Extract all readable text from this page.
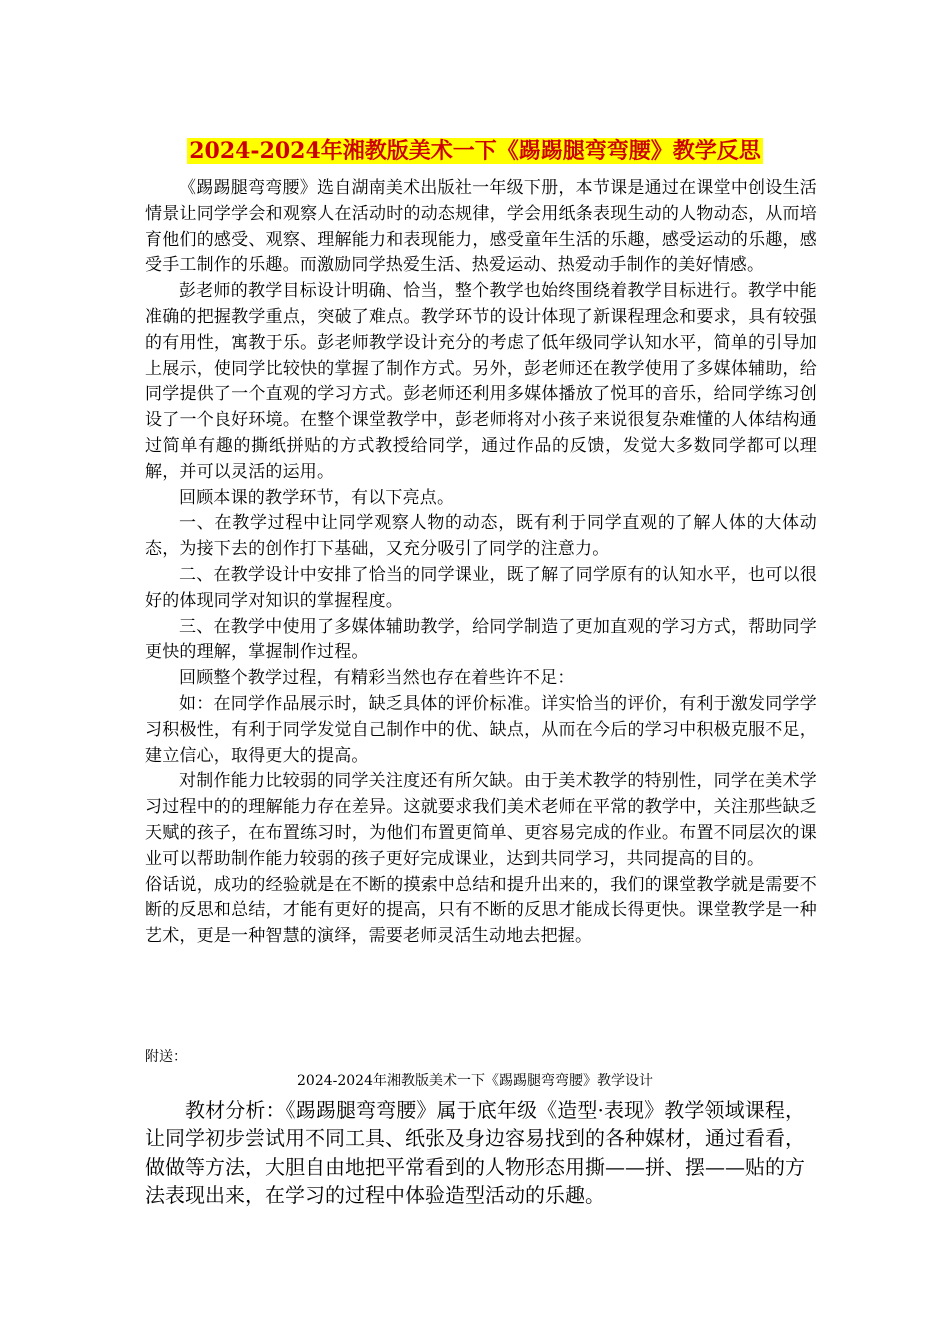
2024-2024年湘教版美术一下《踢踢腿弯弯腰》教学反思

《踢踢腿弯弯腰》选自湖南美术出版社一年级下册，本节课是通过在课堂中创设生活情景让同学学会和观察人在活动时的动态规律，学会用纸条表现生动的人物动态，从而培育他们的感受、观察、理解能力和表现能力，感受童年生活的乐趣，感受运动的乐趣，感受手工制作的乐趣。而激励同学热爱生活、热爱运动、热爱动手制作的美好情感。

彭老师的教学目标设计明确、恰当，整个教学也始终围绕着教学目标进行。教学中能准确的把握教学重点，突破了难点。教学环节的设计体现了新课程理念和要求，具有较强的有用性，寓教于乐。彭老师教学设计充分的考虑了低年级同学认知水平，简单的引导加上展示，使同学比较快的掌握了制作方式。另外，彭老师还在教学使用了多媒体辅助，给同学提供了一个直观的学习方式。彭老师还利用多媒体播放了悦耳的音乐，给同学练习创设了一个良好环境。在整个课堂教学中，彭老师将对小孩子来说很复杂难懂的人体结构通过简单有趣的撕纸拼贴的方式教授给同学，通过作品的反馈，发觉大多数同学都可以理解，并可以灵活的运用。

回顾本课的教学环节，有以下亮点。

一、在教学过程中让同学观察人物的动态，既有利于同学直观的了解人体的大体动态，为接下去的创作打下基础，又充分吸引了同学的注意力。

二、在教学设计中安排了恰当的同学课业，既了解了同学原有的认知水平，也可以很好的体现同学对知识的掌握程度。

三、在教学中使用了多媒体辅助教学，给同学制造了更加直观的学习方式，帮助同学更快的理解，掌握制作过程。

回顾整个教学过程，有精彩当然也存在着些许不足：

如：在同学作品展示时，缺乏具体的评价标准。详实恰当的评价，有利于激发同学学习积极性，有利于同学发觉自己制作中的优、缺点，从而在今后的学习中积极克服不足，建立信心，取得更大的提高。

对制作能力比较弱的同学关注度还有所欠缺。由于美术教学的特别性，同学在美术学习过程中的的理解能力存在差异。这就要求我们美术老师在平常的教学中，关注那些缺乏天赋的孩子，在布置练习时，为他们布置更简单、更容易完成的作业。布置不同层次的课业可以帮助制作能力较弱的孩子更好完成课业，达到共同学习，共同提高的目的。

俗话说，成功的经验就是在不断的摸索中总结和提升出来的，我们的课堂教学就是需要不断的反思和总结，才能有更好的提高，只有不断的反思才能成长得更快。课堂教学是一种艺术，更是一种智慧的演绎，需要老师灵活生动地去把握。

附送：
2024-2024年湘教版美术一下《踢踢腿弯弯腰》教学设计

教材分析：《踢踢腿弯弯腰》属于底年级《造型·表现》教学领域课程，让同学初步尝试用不同工具、纸张及身边容易找到的各种媒材，通过看看，做做等方法，大胆自由地把平常看到的人物形态用撕——拼、摆——贴的方法表现出来，在学习的过程中体验造型活动的乐趣。
